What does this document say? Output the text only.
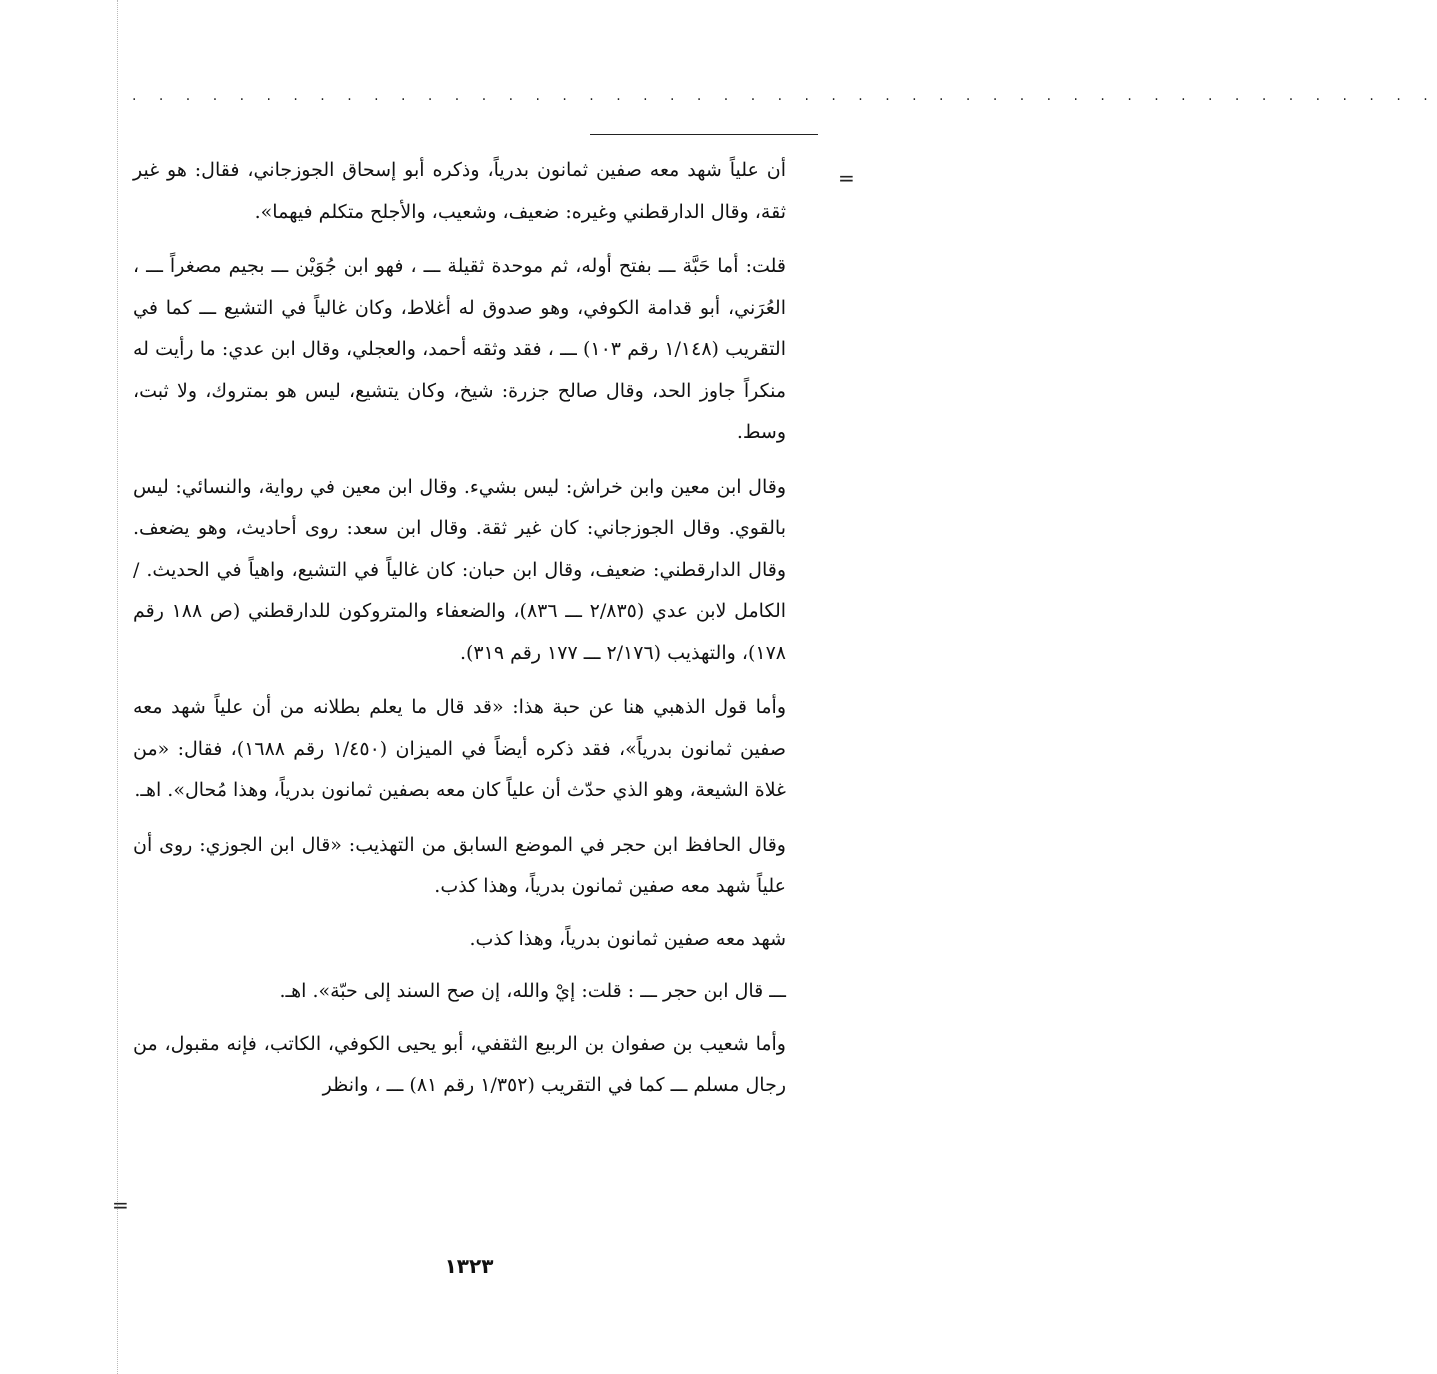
. . . . . . . . . . . . . . . . . . . . . . . . . . . . . . . . . . . . . . . . . . . . . . . . .
=
=

أن علياً شهد معه صفين ثمانون بدرياً، وذكره أبو إسحاق الجوزجاني، فقال: هو غير ثقة، وقال الدارقطني وغيره: ضعيف، وشعيب، والأجلح متكلم فيهما».

قلت: أما حَبَّة ـــ بفتح أوله، ثم موحدة ثقيلة ـــ ، فهو ابن جُوَيْن ـــ بجيم مصغراً ـــ ، العُرَني، أبو قدامة الكوفي، وهو صدوق له أغلاط، وكان غالياً في التشيع ـــ كما في التقريب (١/١٤٨ رقم ١٠٣) ـــ ، فقد وثقه أحمد، والعجلي، وقال ابن عدي: ما رأيت له منكراً جاوز الحد، وقال صالح جزرة: شيخ، وكان يتشيع، ليس هو بمتروك، ولا ثبت، وسط.

وقال ابن معين وابن خراش: ليس بشيء. وقال ابن معين في رواية، والنسائي: ليس بالقوي. وقال الجوزجاني: كان غير ثقة. وقال ابن سعد: روى أحاديث، وهو يضعف. وقال الدارقطني: ضعيف، وقال ابن حبان: كان غالياً في التشيع، واهياً في الحديث. / الكامل لابن عدي (٢/٨٣٥ ـــ ٨٣٦)، والضعفاء والمتروكون للدارقطني (ص ١٨٨ رقم ١٧٨)، والتهذيب (٢/١٧٦ ـــ ١٧٧ رقم ٣١٩).

وأما قول الذهبي هنا عن حبة هذا: «قد قال ما يعلم بطلانه من أن علياً شهد معه صفين ثمانون بدرياً»، فقد ذكره أيضاً في الميزان (١/٤٥٠ رقم ١٦٨٨)، فقال: «من غلاة الشيعة، وهو الذي حدّث أن علياً كان معه بصفين ثمانون بدرياً، وهذا مُحال». اهـ.

وقال الحافظ ابن حجر في الموضع السابق من التهذيب: «قال ابن الجوزي: روى أن علياً شهد معه صفين ثمانون بدرياً، وهذا كذب.

شهد معه صفين ثمانون بدرياً، وهذا كذب.

ـــ قال ابن حجر ـــ : قلت: إيْ والله، إن صح السند إلى حبّة». اهـ.

وأما شعيب بن صفوان بن الربيع الثقفي، أبو يحيى الكوفي، الكاتب، فإنه مقبول، من رجال مسلم ـــ كما في التقريب (١/٣٥٢ رقم ٨١) ـــ ، وانظر

١٣٢٣
